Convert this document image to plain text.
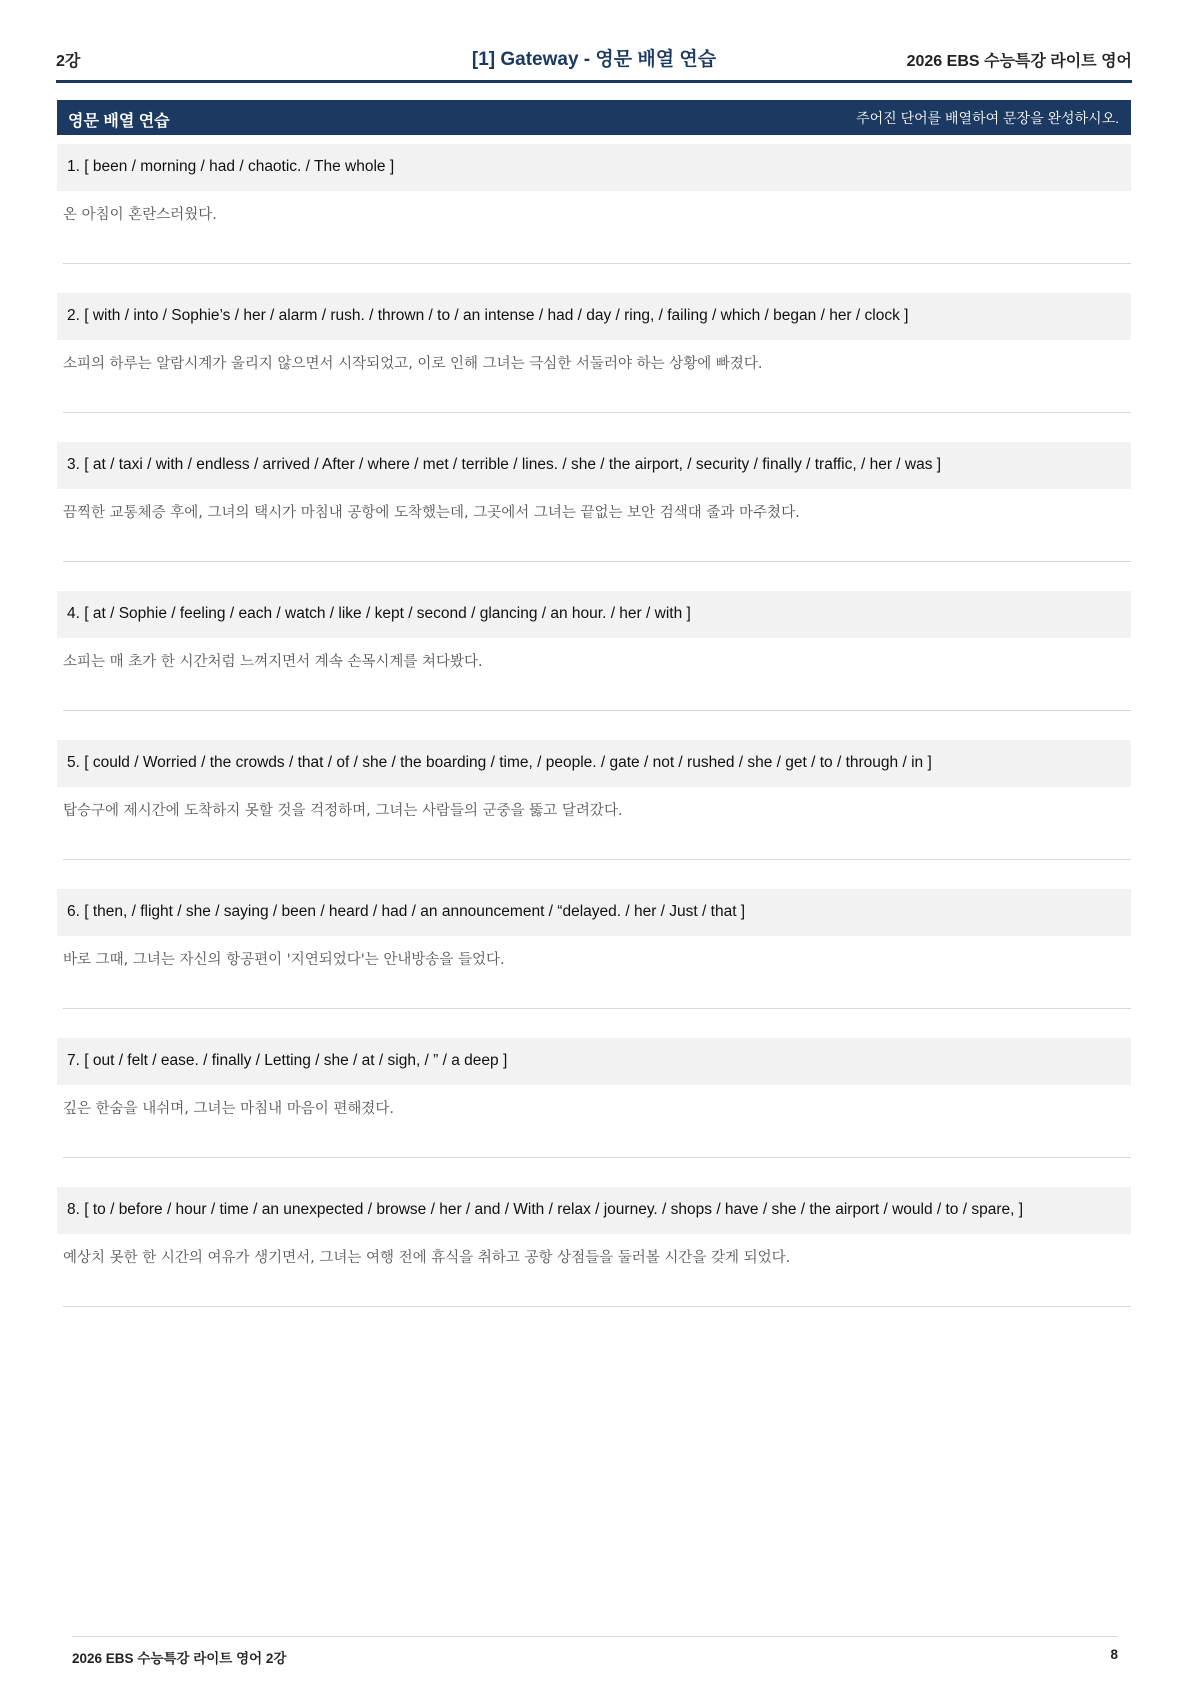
2강	[1] Gateway - 영문 배열 연습	2026 EBS 수능특강 라이트 영어
영문 배열 연습	주어진 단어를 배열하여 문장을 완성하시오.
1. [ been / morning / had / chaotic. / The whole ]
온 아침이 혼란스러웠다.
2. [ with / into / Sophie’s / her / alarm / rush. / thrown / to / an intense / had / day / ring, / failing / which / began / her / clock ]
소피의 하루는 알람시계가 울리지 않으면서 시작되었고, 이로 인해 그녀는 극심한 서둘러야 하는 상황에 빠졌다.
3. [ at / taxi / with / endless / arrived / After / where / met / terrible / lines. / she / the airport, / security / finally / traffic, / her / was ]
끔찍한 교통체증 후에, 그녀의 택시가 마침내 공항에 도착했는데, 그곳에서 그녀는 끝없는 보안 검색대 줄과 마주쳤다.
4. [ at / Sophie / feeling / each / watch / like / kept / second / glancing / an hour. / her / with ]
소피는 매 초가 한 시간처럼 느껴지면서 계속 손목시계를 쳐다봤다.
5. [ could / Worried / the crowds / that / of / she / the boarding / time, / people. / gate / not / rushed / she / get / to / through / in ]
탑승구에 제시간에 도착하지 못할 것을 걱정하며, 그녀는 사람들의 군중을 뚫고 달려갔다.
6. [ then, / flight / she / saying / been / heard / had / an announcement / “delayed. / her / Just / that ]
바로 그때, 그녀는 자신의 항공편이 '지연되었다'는 안내방송을 들었다.
7. [ out / felt / ease. / finally / Letting / she / at / sigh, / ” / a deep ]
깊은 한숨을 내쉬며, 그녀는 마침내 마음이 편해졌다.
8. [ to / before / hour / time / an unexpected / browse / her / and / With / relax / journey. / shops / have / she / the airport / would / to / spare, ]
예상치 못한 한 시간의 여유가 생기면서, 그녀는 여행 전에 휴식을 취하고 공항 상점들을 둘러볼 시간을 갖게 되었다.
2026 EBS 수능특강 라이트 영어 2강	8
